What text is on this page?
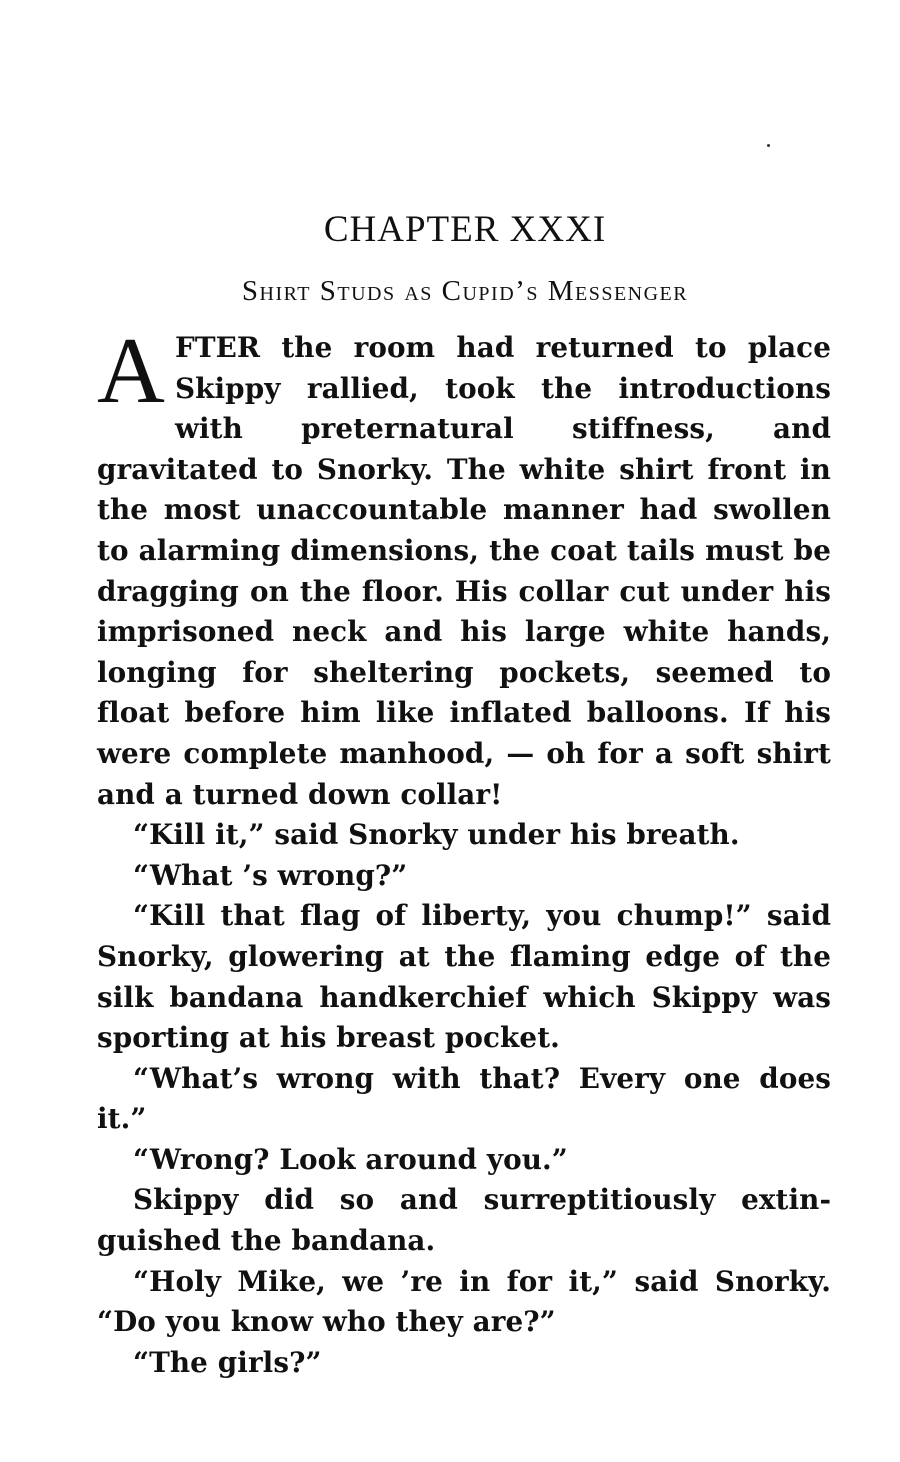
CHAPTER XXXI
Shirt Studs as Cupid’s Messenger

AFTER the room had returned to place Skippy rallied, took the introductions with preternatural stiffness, and gravitated to Snorky. The white shirt front in the most unaccountable manner had swollen to alarming dimensions, the coat tails must be dragging on the floor. His collar cut under his imprisoned neck and his large white hands, longing for sheltering pockets, seemed to float before him like inflated balloons. If his were complete manhood, — oh for a soft shirt and a turned down collar!

“Kill it,” said Snorky under his breath.

“What ’s wrong?”

“Kill that flag of liberty, you chump!” said Snorky, glowering at the flaming edge of the silk bandana handkerchief which Skippy was sporting at his breast pocket.

“What’s wrong with that? Every one does it.”

“Wrong? Look around you.”

Skippy did so and surreptitiously extinguished the bandana.

“Holy Mike, we ’re in for it,” said Snorky. “Do you know who they are?”

“The girls?”
